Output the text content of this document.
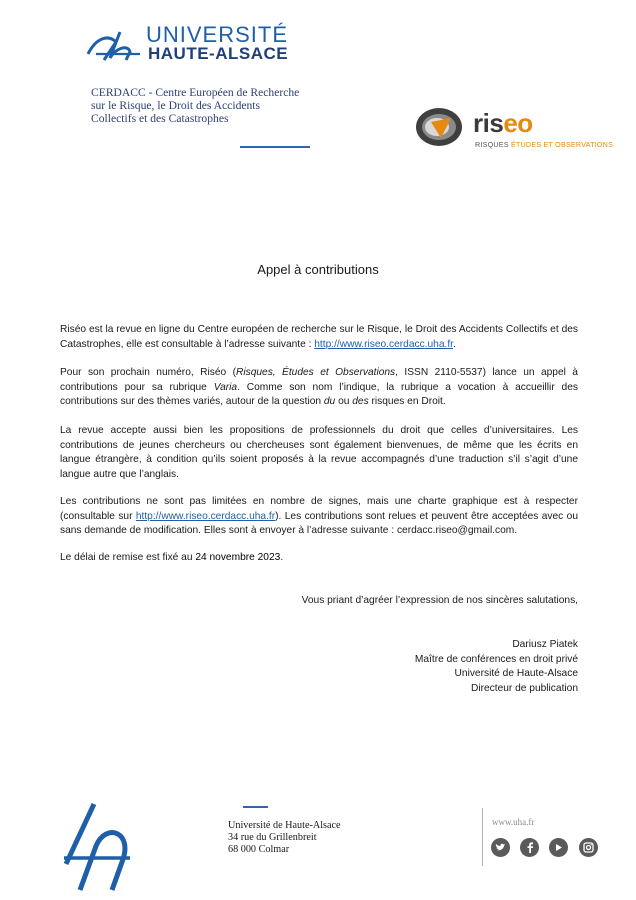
UNIVERSITÉ
HAUTE-ALSACE
CERDACC - Centre Européen de Recherche
sur le Risque, le Droit des Accidents
Collectifs et des Catastrophes	riseo
RISQUES ÉTUDES ET OBSERVATIONS
Appel à contributions
Riséo est la revue en ligne du Centre européen de recherche sur le Risque, le Droit des Accidents Collectifs et des Catastrophes, elle est consultable à l’adresse suivante : http://www.riseo.cerdacc.uha.fr.
Pour son prochain numéro, Riséo (Risques, Études et Observations, ISSN 2110-5537) lance un appel à contributions pour sa rubrique Varia. Comme son nom l’indique, la rubrique a vocation à accueillir des contributions sur des thèmes variés, autour de la question du ou des risques en Droit.
La revue accepte aussi bien les propositions de professionnels du droit que celles d’universitaires. Les contributions de jeunes chercheurs ou chercheuses sont également bienvenues, de même que les écrits en langue étrangère, à condition qu’ils soient proposés à la revue accompagnés d’une traduction s’il s’agit d’une langue autre que l’anglais.
Les contributions ne sont pas limitées en nombre de signes, mais une charte graphique est à respecter (consultable sur http://www.riseo.cerdacc.uha.fr). Les contributions sont relues et peuvent être acceptées avec ou sans demande de modification. Elles sont à envoyer à l’adresse suivante : cerdacc.riseo@gmail.com.
Le délai de remise est fixé au 24 novembre 2023.
Vous priant d’agréer l’expression de nos sincères salutations,
Dariusz Piatek
Maître de conférences en droit privé
Université de Haute-Alsace
Directeur de publication
Université de Haute-Alsace
34 rue du Grillenbreit
68 000 Colmar
www.uha.fr
